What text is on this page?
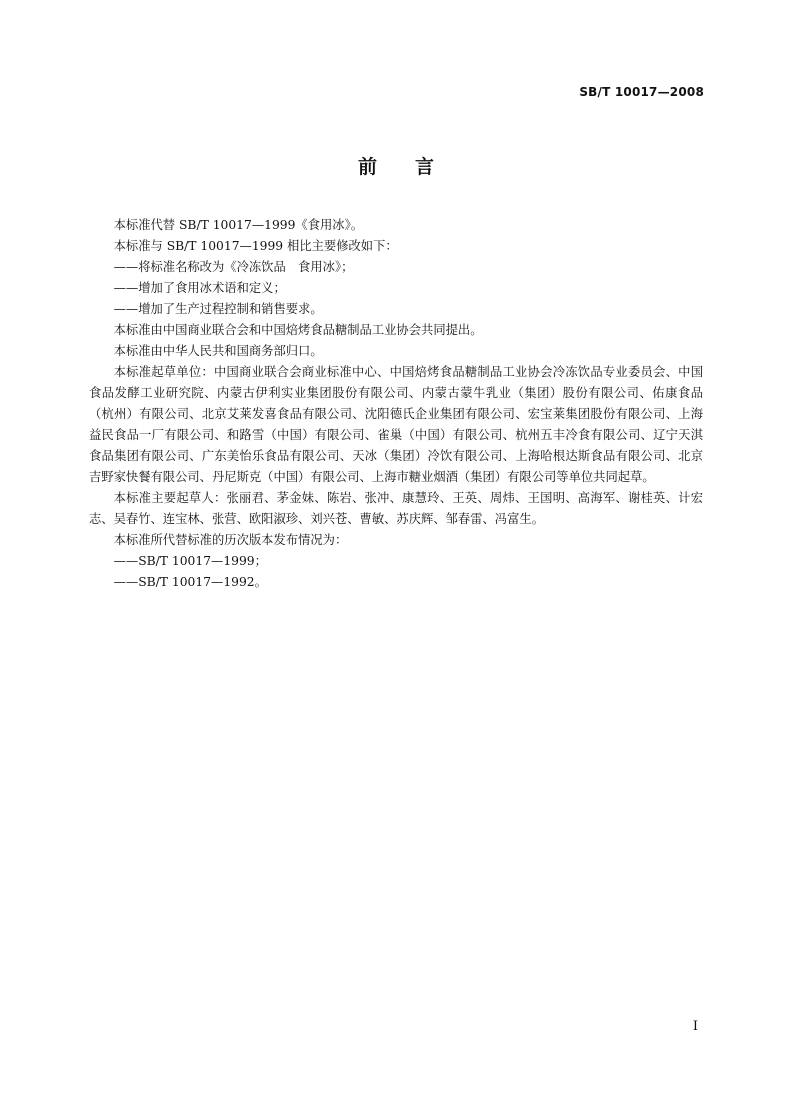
SB/T 10017—2008
前言

本标准代替 SB/T 10017—1999《食用冰》。

本标准与 SB/T 10017—1999 相比主要修改如下：

——将标准名称改为《冷冻饮品　食用冰》；

——增加了食用冰术语和定义；

——增加了生产过程控制和销售要求。

本标准由中国商业联合会和中国焙烤食品糖制品工业协会共同提出。

本标准由中华人民共和国商务部归口。

本标准起草单位：中国商业联合会商业标准中心、中国焙烤食品糖制品工业协会冷冻饮品专业委员会、中国食品发酵工业研究院、内蒙古伊利实业集团股份有限公司、内蒙古蒙牛乳业（集团）股份有限公司、佑康食品（杭州）有限公司、北京艾莱发喜食品有限公司、沈阳德氏企业集团有限公司、宏宝莱集团股份有限公司、上海益民食品一厂有限公司、和路雪（中国）有限公司、雀巢（中国）有限公司、杭州五丰冷食有限公司、辽宁天淇食品集团有限公司、广东美怡乐食品有限公司、天冰（集团）冷饮有限公司、上海哈根达斯食品有限公司、北京吉野家快餐有限公司、丹尼斯克（中国）有限公司、上海市糖业烟酒（集团）有限公司等单位共同起草。

本标准主要起草人：张丽君、茅金妹、陈岩、张冲、康慧玲、王英、周炜、王国明、高海军、谢桂英、计宏志、吴春竹、连宝林、张营、欧阳淑珍、刘兴苍、曹敏、苏庆辉、邹春雷、冯富生。

本标准所代替标准的历次版本发布情况为：

——SB/T 10017—1999；

——SB/T 10017—1992。

I
